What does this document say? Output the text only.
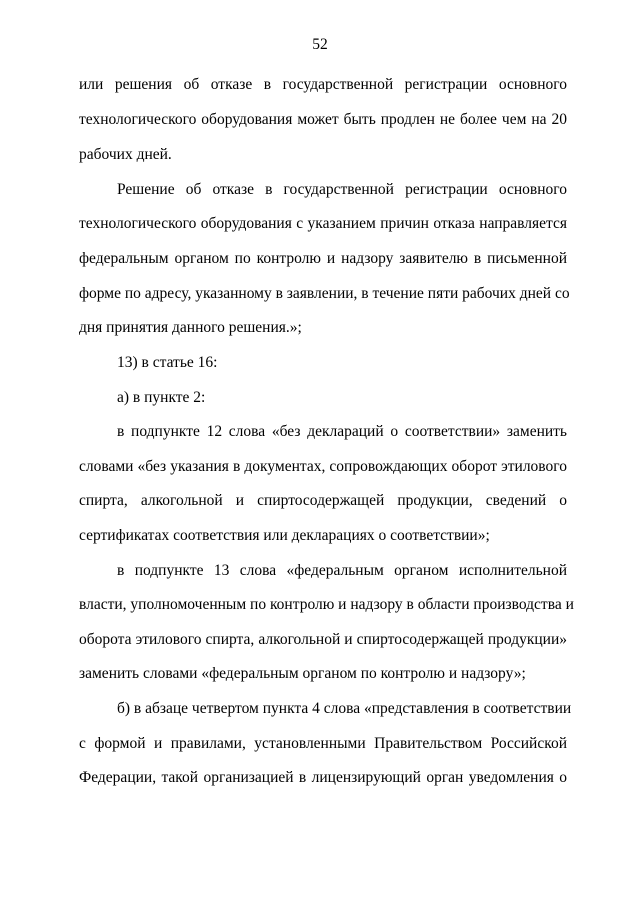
52
или решения об отказе в государственной регистрации основного
технологического оборудования может быть продлен не более чем на 20
рабочих дней.
Решение об отказе в государственной регистрации основного
технологического оборудования с указанием причин отказа направляется
федеральным органом по контролю и надзору заявителю в письменной
форме по адресу, указанному в заявлении, в течение пяти рабочих дней со
дня принятия данного решения.»;
13) в статье 16:
а) в пункте 2:
в подпункте 12 слова «без деклараций о соответствии» заменить
словами «без указания в документах, сопровождающих оборот этилового
спирта, алкогольной и спиртосодержащей продукции, сведений о
сертификатах соответствия или декларациях о соответствии»;
в подпункте 13 слова «федеральным органом исполнительной
власти, уполномоченным по контролю и надзору в области производства и
оборота этилового спирта, алкогольной и спиртосодержащей продукции»
заменить словами «федеральным органом по контролю и надзору»;
б) в абзаце четвертом пункта 4 слова «представления в соответствии
с формой и правилами, установленными Правительством Российской
Федерации, такой организацией в лицензирующий орган уведомления о
